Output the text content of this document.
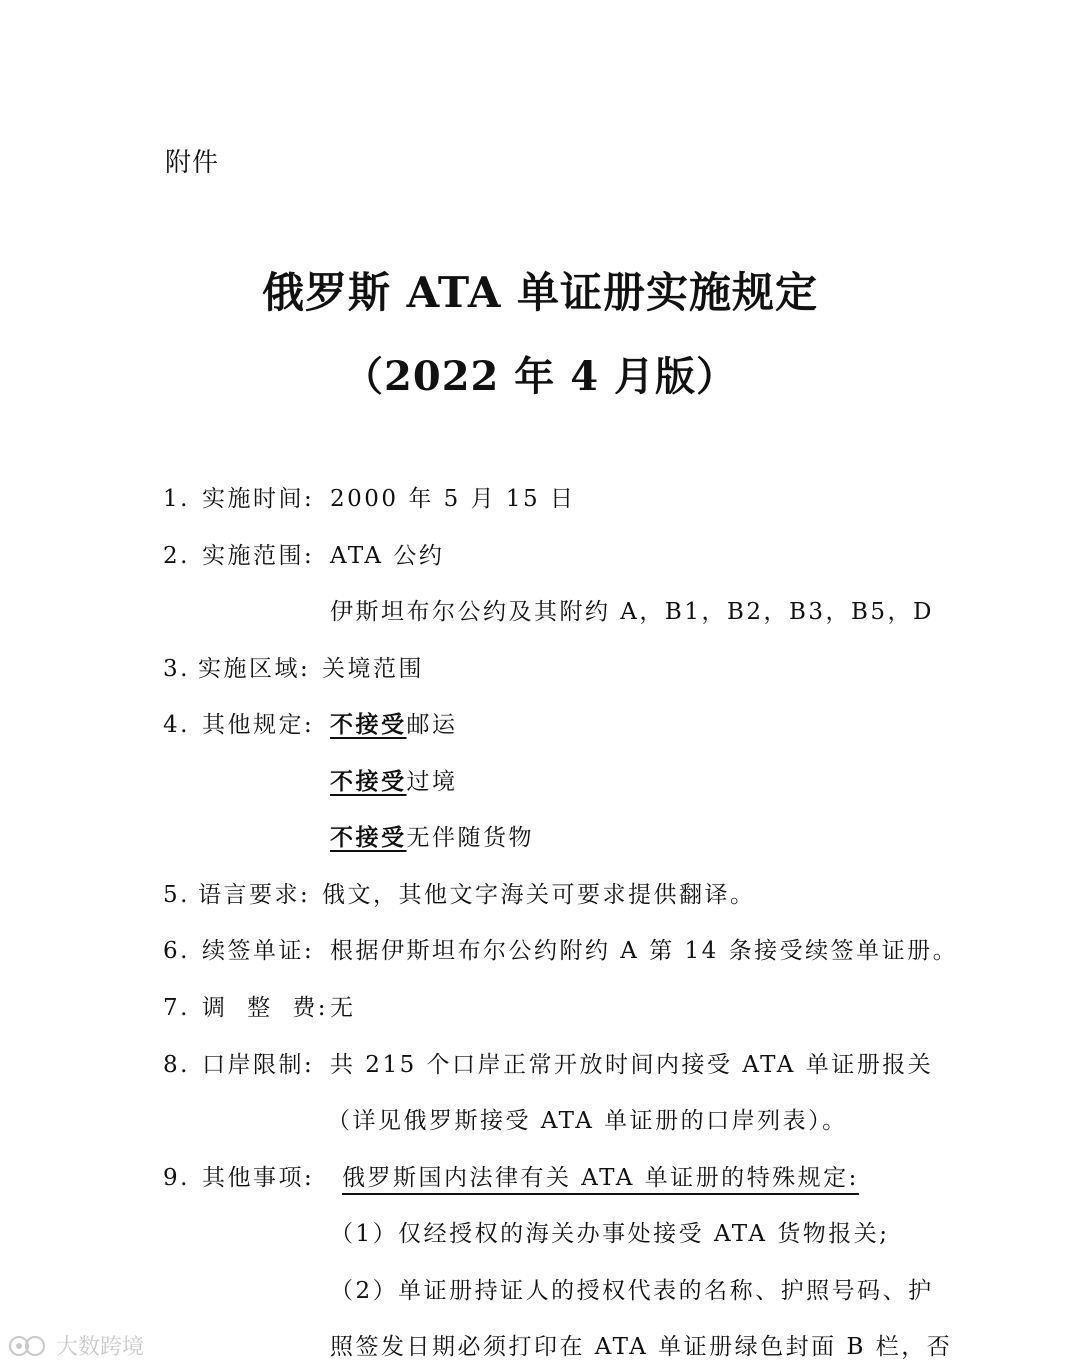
附件
俄罗斯 ATA 单证册实施规定
（2022 年 4 月版）
1. 实施时间: 2000 年 5 月 15 日
2. 实施范围: ATA 公约
伊斯坦布尔公约及其附约 A，B1，B2，B3，B5，D
3. 实施区域: 关境范围
4. 其他规定: 不接受邮运
不接受过境
不接受无伴随货物
5. 语言要求: 俄文，其他文字海关可要求提供翻译。
6. 续签单证: 根据伊斯坦布尔公约附约 A 第 14 条接受续签单证册。
7. 调  整  费: 无
8. 口岸限制: 共 215 个口岸正常开放时间内接受 ATA 单证册报关
（详见俄罗斯接受 ATA 单证册的口岸列表）。
9. 其他事项: 俄罗斯国内法律有关 ATA 单证册的特殊规定:
（1）仅经授权的海关办事处接受 ATA 货物报关;
（2）单证册持证人的授权代表的名称、护照号码、护
照签发日期必须打印在 ATA 单证册绿色封面 B 栏，否
大数跨境
